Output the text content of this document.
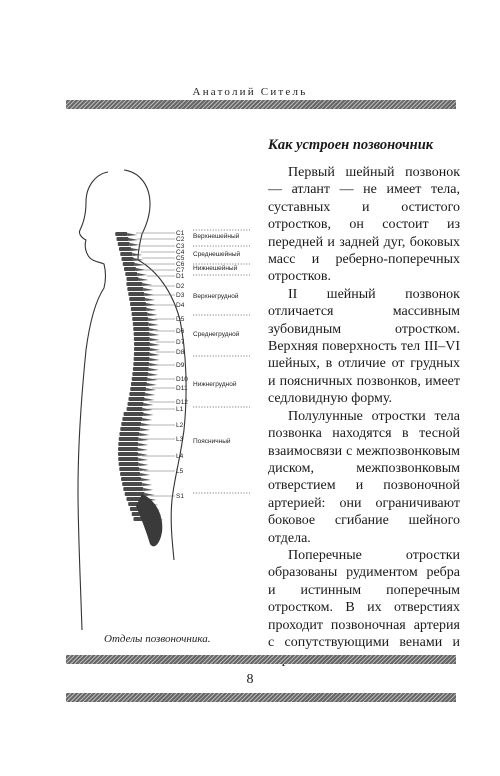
Анатолий Ситель
C1
C2
C3
C4
C5
C6
C7
D1
D2
D3
D4
D5
D6
D7
D8
D9
D10
D11
D12
L1
L2
L3
L4
L5
S1
Верхнешейный
Среднешейный
Нижнешейный
Верхнегрудной
Среднегрудной
Нижнегрудной
Поясничный
Отделы позвоночника.
Как устроен позвоночник

Первый шейный позвонок — атлант — не имеет тела, суставных и остистого отростков, он состоит из передней и задней дуг, боковых масс и реберно-поперечных отростков.

II шейный позвонок отличается массивным зубовидным отростком. Верхняя поверхность тел III–VI шейных, в отличие от грудных и поясничных позвонков, имеет седловидную форму.

Полулунные отростки тела позвонка находятся в тесной взаимосвязи с межпозвонковым диском, межпозвонковым отверстием и позвоночной артерией: они ограничивают боковое сгибание шейного отдела.

Поперечные отростки образованы рудиментом ребра и истинным поперечным отростком. В их отверстиях проходит позвоночная артерия с сопутствующими венами и

8
